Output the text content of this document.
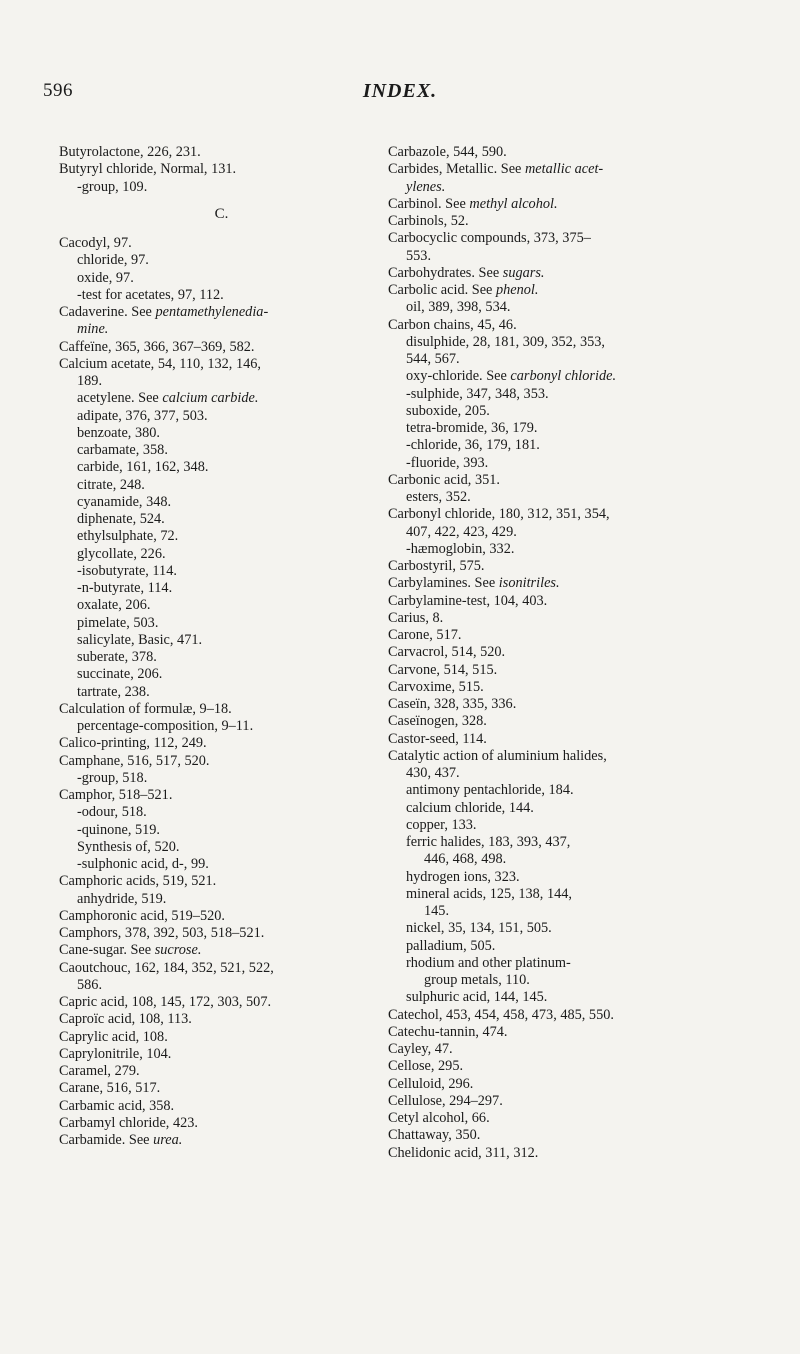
596	INDEX.
Butyrolactone, 226, 231.
Butyryl chloride, Normal, 131.
-group, 109.
C.
Cacodyl, 97.
chloride, 97.
oxide, 97.
-test for acetates, 97, 112.
Cadaverine. See pentamethylenedia-
mine.
Caffeïne, 365, 366, 367–369, 582.
Calcium acetate, 54, 110, 132, 146,
189.
acetylene. See calcium carbide.
adipate, 376, 377, 503.
benzoate, 380.
carbamate, 358.
carbide, 161, 162, 348.
citrate, 248.
cyanamide, 348.
diphenate, 524.
ethylsulphate, 72.
glycollate, 226.
-isobutyrate, 114.
-n-butyrate, 114.
oxalate, 206.
pimelate, 503.
salicylate, Basic, 471.
suberate, 378.
succinate, 206.
tartrate, 238.
Calculation of formulæ, 9–18.
percentage-composition, 9–11.
Calico-printing, 112, 249.
Camphane, 516, 517, 520.
-group, 518.
Camphor, 518–521.
-odour, 518.
-quinone, 519.
Synthesis of, 520.
-sulphonic acid, d-, 99.
Camphoric acids, 519, 521.
anhydride, 519.
Camphoronic acid, 519–520.
Camphors, 378, 392, 503, 518–521.
Cane-sugar. See sucrose.
Caoutchouc, 162, 184, 352, 521, 522,
586.
Capric acid, 108, 145, 172, 303, 507.
Caproïc acid, 108, 113.
Caprylic acid, 108.
Caprylonitrile, 104.
Caramel, 279.
Carane, 516, 517.
Carbamic acid, 358.
Carbamyl chloride, 423.
Carbamide. See urea.
Carbazole, 544, 590.
Carbides, Metallic. See metallic acet-
ylenes.
Carbinol. See methyl alcohol.
Carbinols, 52.
Carbocyclic compounds, 373, 375–
553.
Carbohydrates. See sugars.
Carbolic acid. See phenol.
oil, 389, 398, 534.
Carbon chains, 45, 46.
disulphide, 28, 181, 309, 352, 353,
544, 567.
oxy-chloride. See carbonyl chloride.
-sulphide, 347, 348, 353.
suboxide, 205.
tetra-bromide, 36, 179.
-chloride, 36, 179, 181.
-fluoride, 393.
Carbonic acid, 351.
esters, 352.
Carbonyl chloride, 180, 312, 351, 354,
407, 422, 423, 429.
-hæmoglobin, 332.
Carbostyril, 575.
Carbylamines. See isonitriles.
Carbylamine-test, 104, 403.
Carius, 8.
Carone, 517.
Carvacrol, 514, 520.
Carvone, 514, 515.
Carvoxime, 515.
Caseïn, 328, 335, 336.
Caseïnogen, 328.
Castor-seed, 114.
Catalytic action of aluminium halides,
430, 437.
antimony pentachloride, 184.
calcium chloride, 144.
copper, 133.
ferric halides, 183, 393, 437,
446, 468, 498.
hydrogen ions, 323.
mineral acids, 125, 138, 144,
145.
nickel, 35, 134, 151, 505.
palladium, 505.
rhodium and other platinum-
group metals, 110.
sulphuric acid, 144, 145.
Catechol, 453, 454, 458, 473, 485, 550.
Catechu-tannin, 474.
Cayley, 47.
Cellose, 295.
Celluloid, 296.
Cellulose, 294–297.
Cetyl alcohol, 66.
Chattaway, 350.
Chelidonic acid, 311, 312.
